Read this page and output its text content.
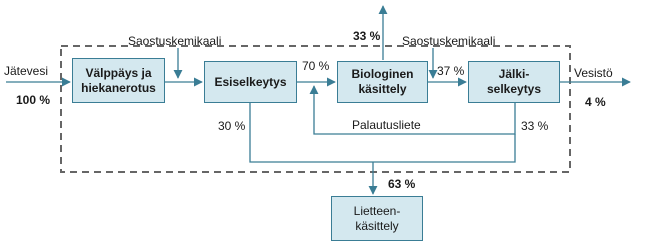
Välppäys ja hiekanerotus	Esiselkeytys
Biologinen käsittely
Jälki-selkeytys
Lietteen-käsittely
Jätevesi
100 %
Saostuskemikaali	Saostuskemikaali
70 %	37 %
33 %
30 %	33 %
Palautusliete
63 %
Vesistö
4 %
